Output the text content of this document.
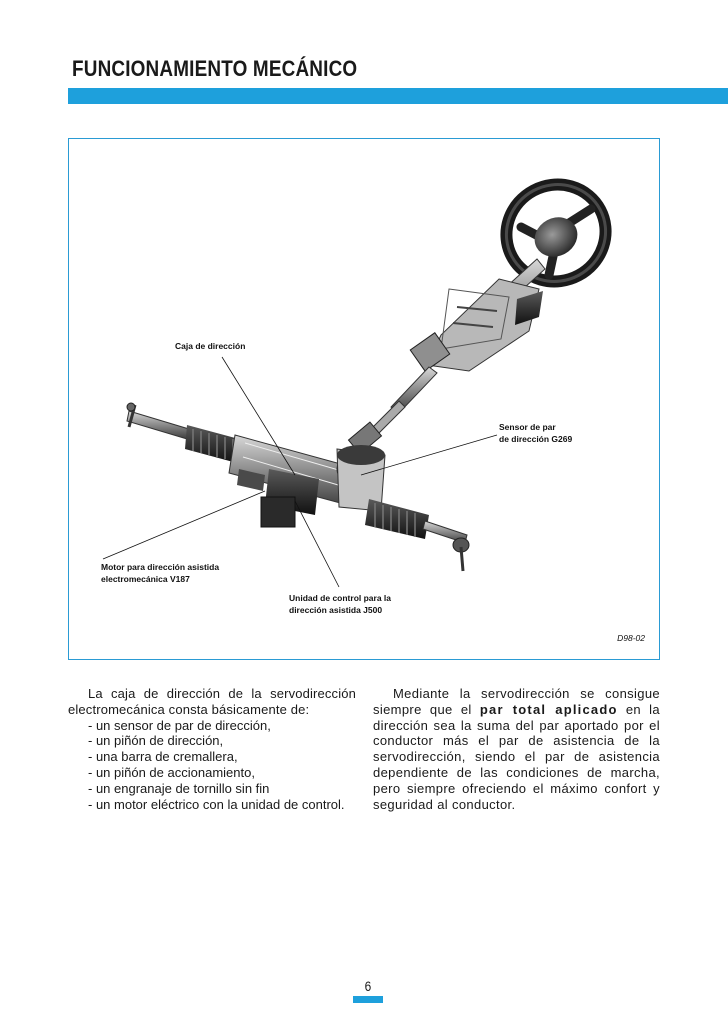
FUNCIONAMIENTO MECÁNICO
Caja de dirección
Sensor de par
de dirección G269
Motor para dirección asistida
electromecánica V187
Unidad de control para la
dirección asistida J500
D98-02

La caja de dirección de la servodirección electromecánica consta básicamente de:

- un sensor de par de dirección,
- un piñón de dirección,
- una barra de cremallera,
- un piñón de accionamiento,
- un engranaje de tornillo sin fin
- un motor eléctrico con la unidad de control.

Mediante la servodirección se consigue siempre que el par total aplicado en la dirección sea la suma del par aportado por el conductor más el par de asistencia de la servodirección, siendo el par de asistencia dependiente de las condiciones de marcha, pero siempre ofreciendo el máximo confort y seguridad al conductor.

6
